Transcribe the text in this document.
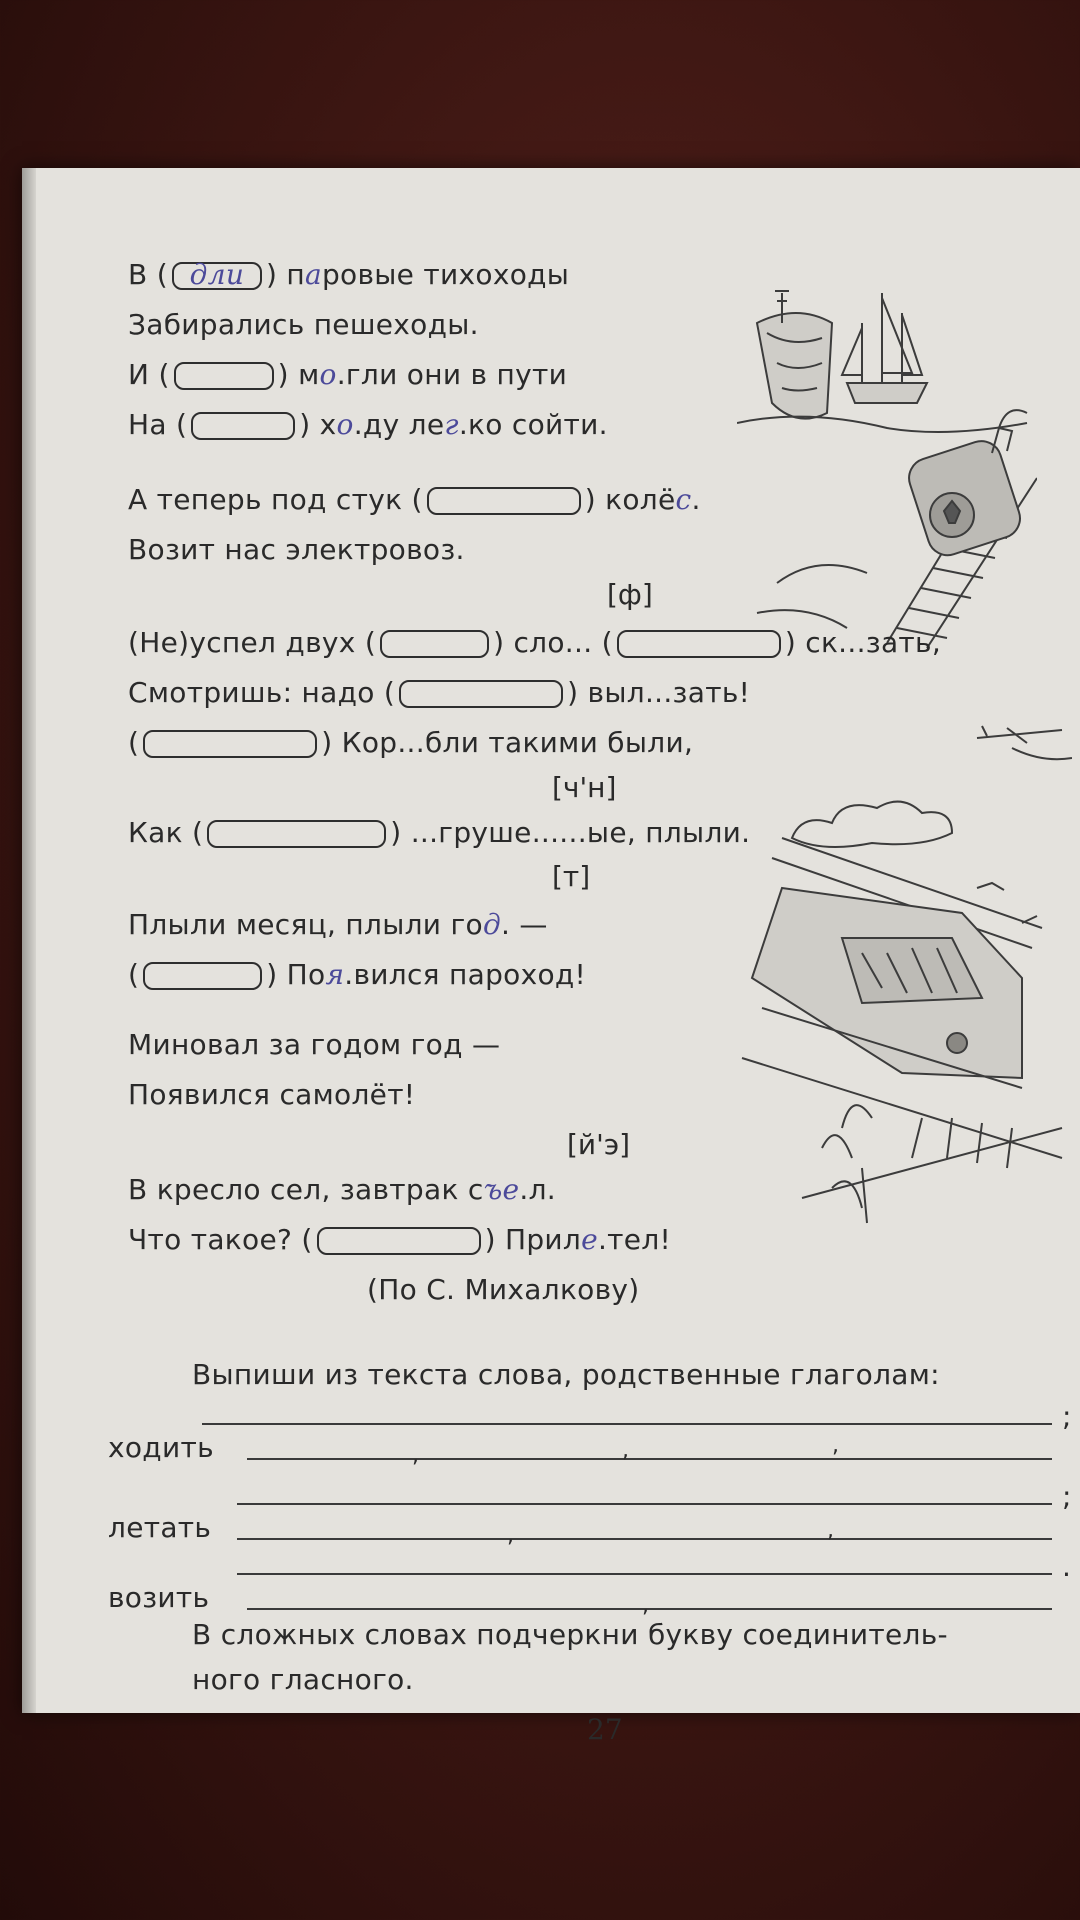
В ( дли ) паровые тихоходы
Забирались пешеходы.
И (	) мо.гли они в пути
На (	) хо.ду лег.ко сойти.
А теперь под стук (	) колёс.
Возит нас электровоз.
[ф]
(Не)успел двух (	) сло... (	) ск...зать,
Смотришь: надо (	) выл...зать!
(	) Кор...бли такими были,
[ч'н]
Как (	) ...груше......ые, плыли.
[т]
Плыли месяц, плыли год. —
(	) Поя.вился пароход!
Миновал за годом год —
Появился самолёт!
[й'э]
В кресло сел, завтрак съе.л.
Что такое? (	) Приле.тел!
(По С. Михалкову)
Выпиши из текста слова, родственные глаголам:
;
ходить	,	,	,
;
летать	,	,
.
возить	,
В сложных словах подчеркни букву соединитель-
ного гласного.
27
